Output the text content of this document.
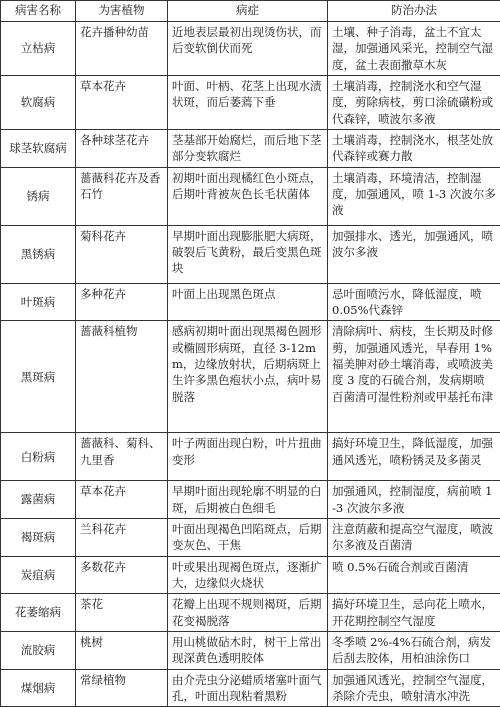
病害名称	为害植物	病症	防治办法
立枯病	花卉播种幼苗	近地表层最初出现烫伤状，而后变软倒伏而死	土壤、种子消毒，盆土不宜太湿，加强通风采光，控制空气湿度，盆土表面撒草木灰
软腐病	草本花卉	叶面、叶柄、花茎上出现水渍状斑，而后萎蔫下垂	土壤消毒，控制浇水和空气湿度，剪除病枝，剪口涂硫磺粉或代森锌，喷波尔多液
球茎软腐病	各种球茎花卉	茎基部开始腐烂，而后地下茎部分变软腐烂	土壤消毒，控制浇水，根茎处放代森锌或赛力散
锈病	蔷薇科花卉及香石竹	初期叶面出现橘红色小斑点，后期叶背被灰色长毛状菌体	土壤消毒，环境清洁，控制湿度，加强通风，喷 1-3 次波尔多液
黑锈病	菊科花卉	早期叶面出现膨胀肥大病斑，破裂后飞黄粉，最后变黑色斑块	加强排水、透光，加强通风，喷波尔多液
叶斑病	多种花卉	叶面上出现黑色斑点	忌叶面喷污水，降低湿度，喷 0.05%代森锌
黑斑病	蔷薇科植物	感病初期叶面出现黑褐色圆形或椭圆形病斑，直径 3-12mm，边缘放射状，后期病斑上生许多黑色疱状小点，病叶易脱落	清除病叶、病枝，生长期及时修剪，加强通风透光，早春用 1%福美胂对砂土壤消毒，或喷波美度 3 度的石硫合剂，发病期喷百菌清可湿性粉剂或甲基托布津
白粉病	蔷薇科、菊科、九里香	叶子两面出现白粉，叶片扭曲变形	搞好环境卫生，降低湿度，加强通风透光，喷粉锈灵及多菌灵
露菌病	草本花卉	早期叶面出现轮廓不明显的白斑，后期被白色细毛	加强通风，控制湿度，病前喷 1-3 次波尔多液
褐斑病	兰科花卉	叶面出现褐色凹陷斑点，后期变灰色、干焦	注意荫蔽和提高空气湿度，喷波尔多液及百菌清
炭疽病	多数花卉	叶或果出现褐色斑点，逐渐扩大，边缘似火烧状	喷 0.5%石硫合剂或百菌清
花萎缩病	茶花	花瓣上出现不规则褐斑，后期花变褐脱落	搞好环境卫生，忌向花上喷水，开花期控制空气湿度
流胶病	桃树	用山桃做砧木时，树干上常出现深黄色透明胶体	冬季喷 2%-4%石硫合剂，病发后刮去胶体，用柏油涂伤口
煤烟病	常绿植物	由介壳虫分泌蜡质堵塞叶面气孔，叶面出现粘着黑粉	加强通风透光，控制空气湿度，杀除介壳虫，喷射清水冲洗
